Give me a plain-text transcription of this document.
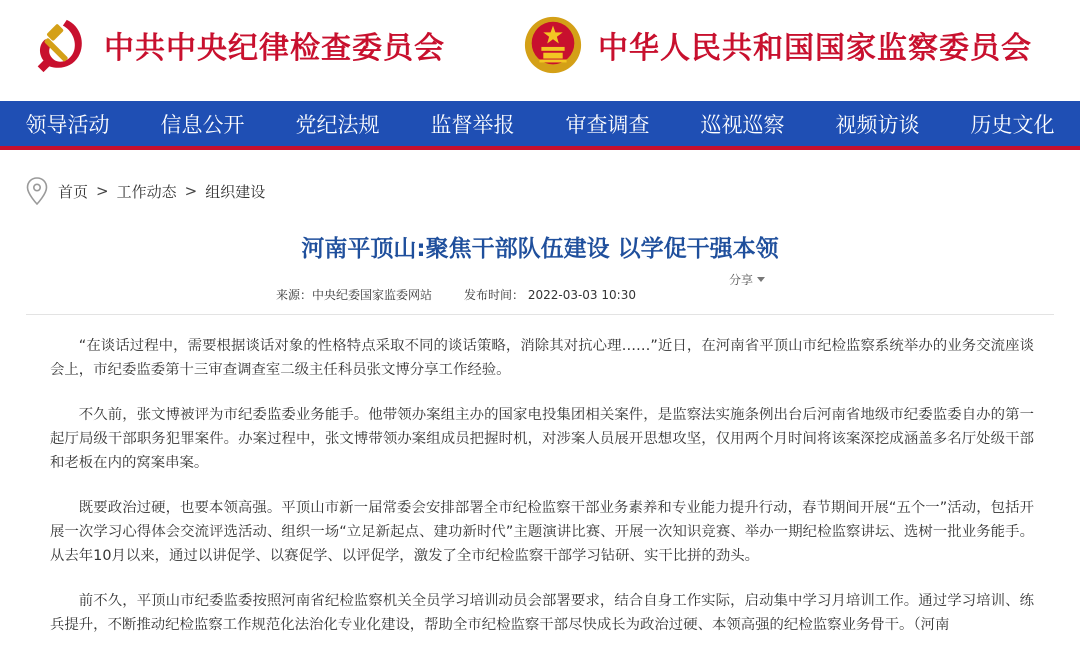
中共中央纪律检查委员会	中华人民共和国国家监察委员会
领导活动	信息公开	党纪法规	监督举报	审查调查	巡视巡察	视频访谈	历史文化
首页 > 工作动态 > 组织建设
河南平顶山:聚焦干部队伍建设 以学促干强本领
分享
来源：中央纪委国家监委网站	发布时间： 2022-03-03 10:30

“在谈话过程中，需要根据谈话对象的性格特点采取不同的谈话策略，消除其对抗心理……”近日，在河南省平顶山市纪检监察系统举办的业务交流座谈会上，市纪委监委第十三审查调查室二级主任科员张文博分享工作经验。

不久前，张文博被评为市纪委监委业务能手。他带领办案组主办的国家电投集团相关案件，是监察法实施条例出台后河南省地级市纪委监委自办的第一起厅局级干部职务犯罪案件。办案过程中，张文博带领办案组成员把握时机，对涉案人员展开思想攻坚，仅用两个月时间将该案深挖成涵盖多名厅处级干部和老板在内的窝案串案。

既要政治过硬，也要本领高强。平顶山市新一届常委会安排部署全市纪检监察干部业务素养和专业能力提升行动，春节期间开展“五个一”活动，包括开展一次学习心得体会交流评选活动、组织一场“立足新起点、建功新时代”主题演讲比赛、开展一次知识竞赛、举办一期纪检监察讲坛、选树一批业务能手。从去年10月以来，通过以讲促学、以赛促学、以评促学，激发了全市纪检监察干部学习钻研、实干比拼的劲头。

前不久，平顶山市纪委监委按照河南省纪检监察机关全员学习培训动员会部署要求，结合自身工作实际，启动集中学习月培训工作。通过学习培训、练兵提升，不断推动纪检监察工作规范化法治化专业化建设，帮助全市纪检监察干部尽快成长为政治过硬、本领高强的纪检监察业务骨干。（河南
